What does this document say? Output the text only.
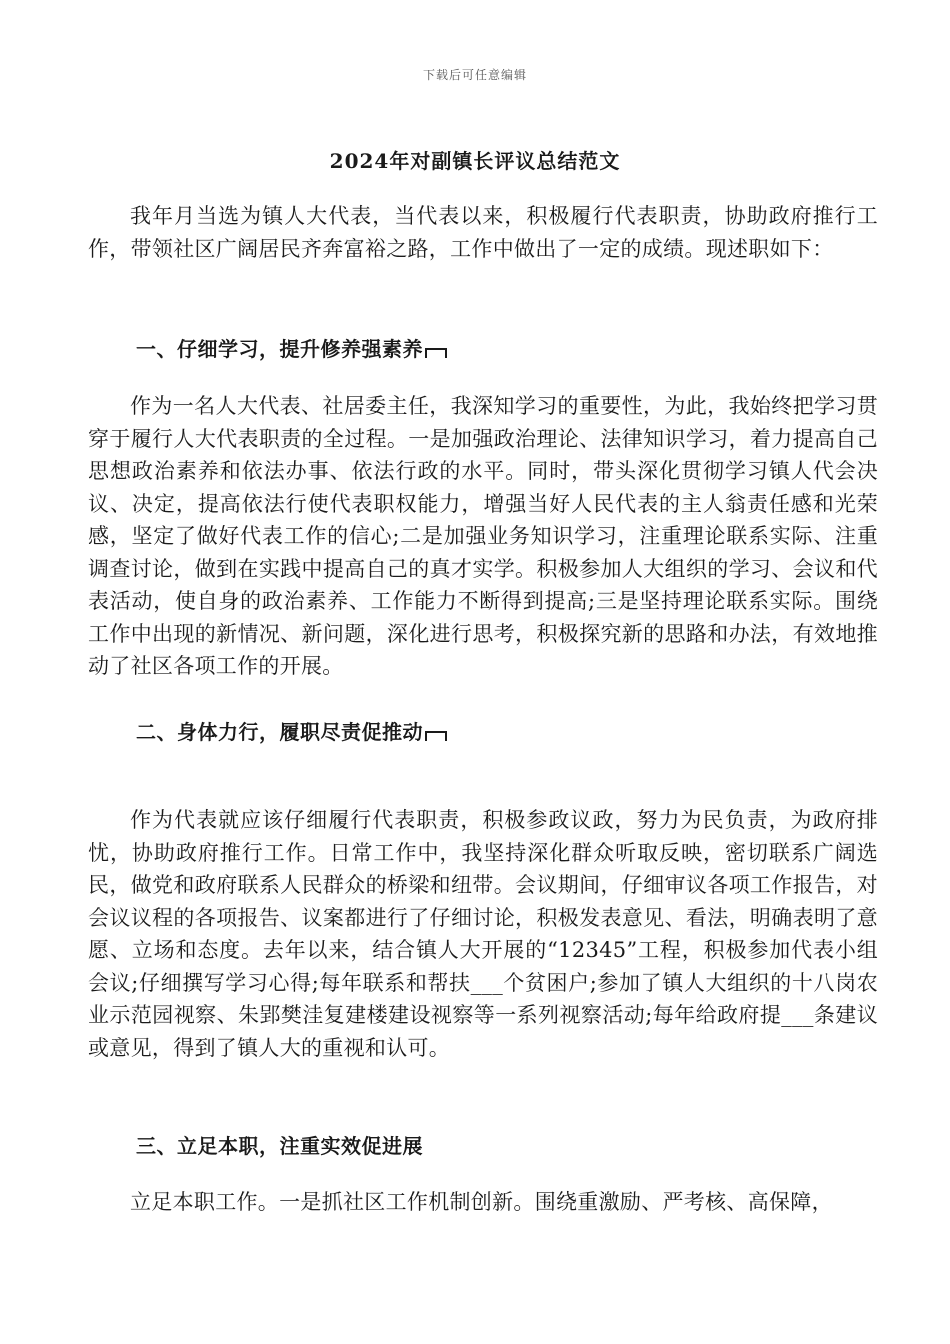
下载后可任意编辑
2024年对副镇长评议总结范文

我年月当选为镇人大代表，当代表以来，积极履行代表职责，协助政府推行工作，带领社区广阔居民齐奔富裕之路，工作中做出了一定的成绩。现述职如下：

一、仔细学习，提升修养强素养

作为一名人大代表、社居委主任，我深知学习的重要性，为此，我始终把学习贯穿于履行人大代表职责的全过程。一是加强政治理论、法律知识学习，着力提高自己思想政治素养和依法办事、依法行政的水平。同时，带头深化贯彻学习镇人代会决议、决定，提高依法行使代表职权能力，增强当好人民代表的主人翁责任感和光荣感，坚定了做好代表工作的信心;二是加强业务知识学习，注重理论联系实际、注重调查讨论，做到在实践中提高自己的真才实学。积极参加人大组织的学习、会议和代表活动，使自身的政治素养、工作能力不断得到提高;三是坚持理论联系实际。围绕工作中出现的新情况、新问题，深化进行思考，积极探究新的思路和办法，有效地推动了社区各项工作的开展。

二、身体力行，履职尽责促推动

作为代表就应该仔细履行代表职责，积极参政议政，努力为民负责，为政府排忧，协助政府推行工作。日常工作中，我坚持深化群众听取反映，密切联系广阔选民，做党和政府联系人民群众的桥梁和纽带。会议期间，仔细审议各项工作报告，对会议议程的各项报告、议案都进行了仔细讨论，积极发表意见、看法，明确表明了意愿、立场和态度。去年以来，结合镇人大开展的“12345”工程，积极参加代表小组会议;仔细撰写学习心得;每年联系和帮扶___个贫困户;参加了镇人大组织的十八岗农业示范园视察、朱郢樊洼复建楼建设视察等一系列视察活动;每年给政府提___条建议或意见，得到了镇人大的重视和认可。

三、立足本职，注重实效促进展

立足本职工作。一是抓社区工作机制创新。围绕重激励、严考核、高保障，
